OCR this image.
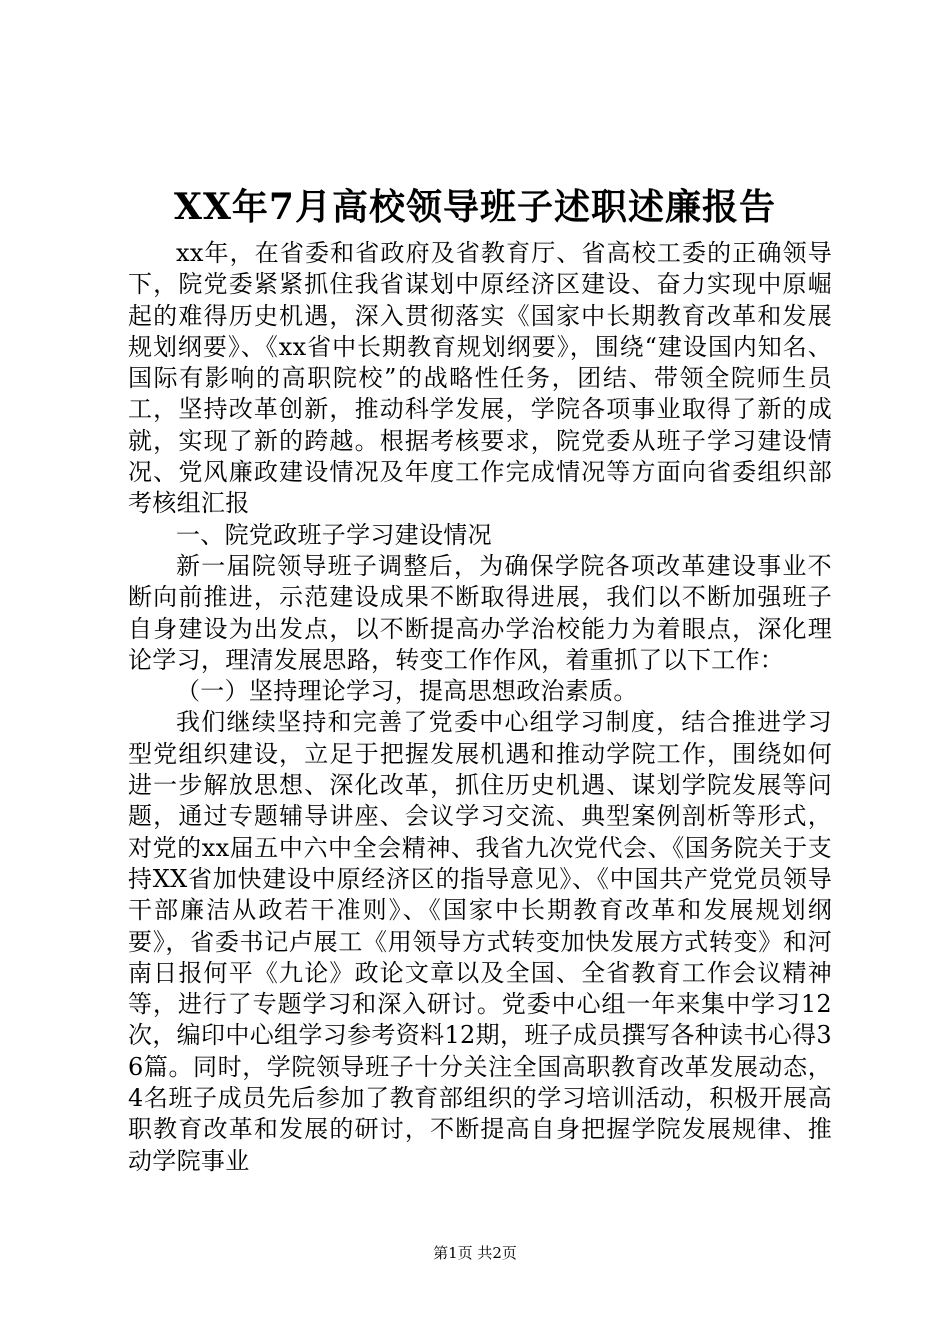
XX年7月高校领导班子述职述廉报告

xx年，在省委和省政府及省教育厅、省高校工委的正确领导下，院党委紧紧抓住我省谋划中原经济区建设、奋力实现中原崛起的难得历史机遇，深入贯彻落实《国家中长期教育改革和发展规划纲要》、《xx省中长期教育规划纲要》，围绕“建设国内知名、国际有影响的高职院校”的战略性任务，团结、带领全院师生员工，坚持改革创新，推动科学发展，学院各项事业取得了新的成就，实现了新的跨越。根据考核要求，院党委从班子学习建设情况、党风廉政建设情况及年度工作完成情况等方面向省委组织部考核组汇报

一、院党政班子学习建设情况

新一届院领导班子调整后，为确保学院各项改革建设事业不断向前推进，示范建设成果不断取得进展，我们以不断加强班子自身建设为出发点，以不断提高办学治校能力为着眼点，深化理论学习，理清发展思路，转变工作作风，着重抓了以下工作：

（一）坚持理论学习，提高思想政治素质。

我们继续坚持和完善了党委中心组学习制度，结合推进学习型党组织建设，立足于把握发展机遇和推动学院工作，围绕如何进一步解放思想、深化改革，抓住历史机遇、谋划学院发展等问题，通过专题辅导讲座、会议学习交流、典型案例剖析等形式，对党的xx届五中六中全会精神、我省九次党代会、《国务院关于支持XX省加快建设中原经济区的指导意见》、《中国共产党党员领导干部廉洁从政若干准则》、《国家中长期教育改革和发展规划纲要》，省委书记卢展工《用领导方式转变加快发展方式转变》和河南日报何平《九论》政论文章以及全国、全省教育工作会议精神等，进行了专题学习和深入研讨。党委中心组一年来集中学习12次，编印中心组学习参考资料12期，班子成员撰写各种读书心得36篇。同时，学院领导班子十分关注全国高职教育改革发展动态，4名班子成员先后参加了教育部组织的学习培训活动，积极开展高职教育改革和发展的研讨，不断提高自身把握学院发展规律、推动学院事业

第1页 共2页
